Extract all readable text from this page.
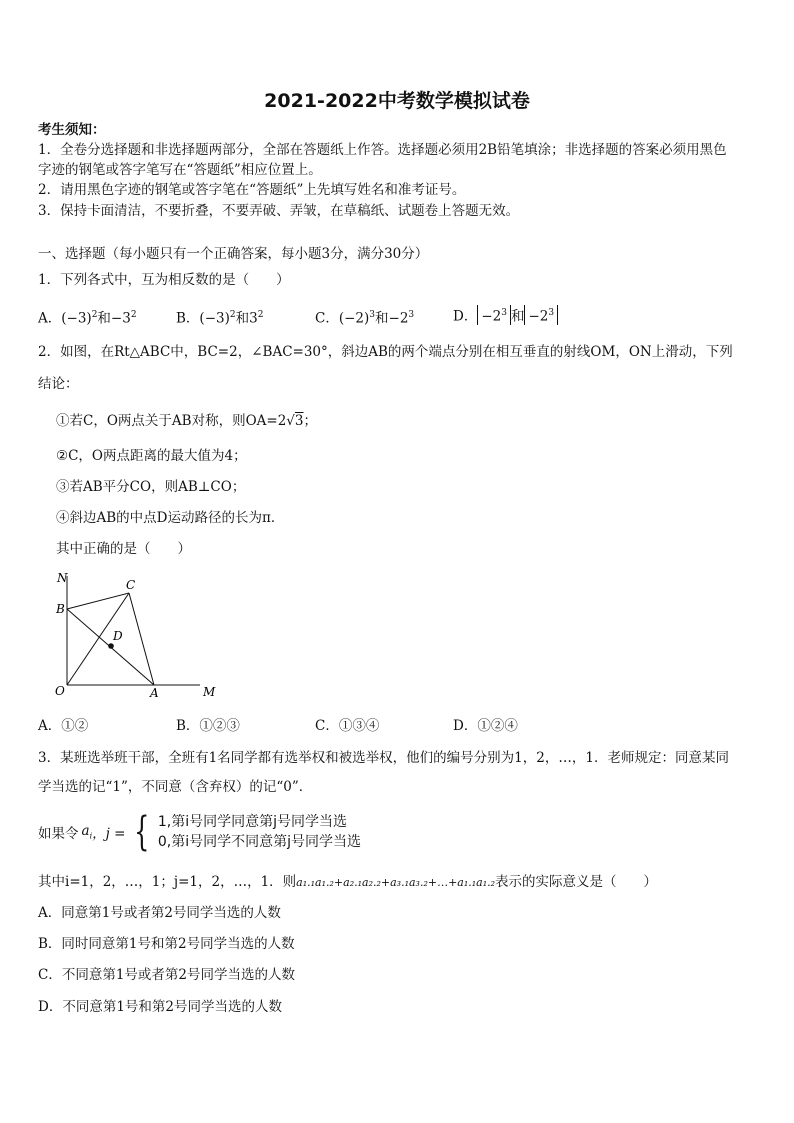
2021-2022中考数学模拟试卷
考生须知：
1．全卷分选择题和非选择题两部分，全部在答题纸上作答。选择题必须用2B铅笔填涂；非选择题的答案必须用黑色
字迹的钢笔或答字笔写在“答题纸”相应位置上。
2．请用黑色字迹的钢笔或答字笔在“答题纸”上先填写姓名和准考证号。
3．保持卡面清洁，不要折叠，不要弄破、弄皱，在草稿纸、试题卷上答题无效。
一、选择题（每小题只有一个正确答案，每小题3分，满分30分）
1．下列各式中，互为相反数的是（　　）
A．$(-3)^2$和$-3^2$	B．$(-3)^2$和$3^2$	C．$(-2)^3$和$-2^3$	D． $-2^3$ 和 $-2^3$
2．如图，在Rt△ABC中，BC=2，∠BAC=30°，斜边AB的两个端点分别在相互垂直的射线OM，ON上滑动，下列
结论：
①若C，O两点关于AB对称，则OA=2√3；
②C，O两点距离的最大值为4；
③若AB平分CO，则AB⊥CO；
④斜边AB的中点D运动路径的长为π．
其中正确的是（　　）
N
B
C
D
O	A	M
A．①②	B．①②③	C．①③④	D．①②④
3．某班选举班干部，全班有1名同学都有选举权和被选举权，他们的编号分别为1，2，…，1．老师规定：同意某同
学当选的记“1”，不同意（含弃权）的记“0”．
如果令 $a_i$ ，j = { 1,第i号同学同意第j号同学当选
0,第i号同学不同意第j号同学当选
其中i=1，2，…，1；j=1，2，…，1．则a₁.₁a₁.₂+a₂.₁a₂.₂+a₃.₁a₃.₂+…+a₁.₁a₁.₂表示的实际意义是（　　）
A．同意第1号或者第2号同学当选的人数
B．同时同意第1号和第2号同学当选的人数
C．不同意第1号或者第2号同学当选的人数
D．不同意第1号和第2号同学当选的人数
